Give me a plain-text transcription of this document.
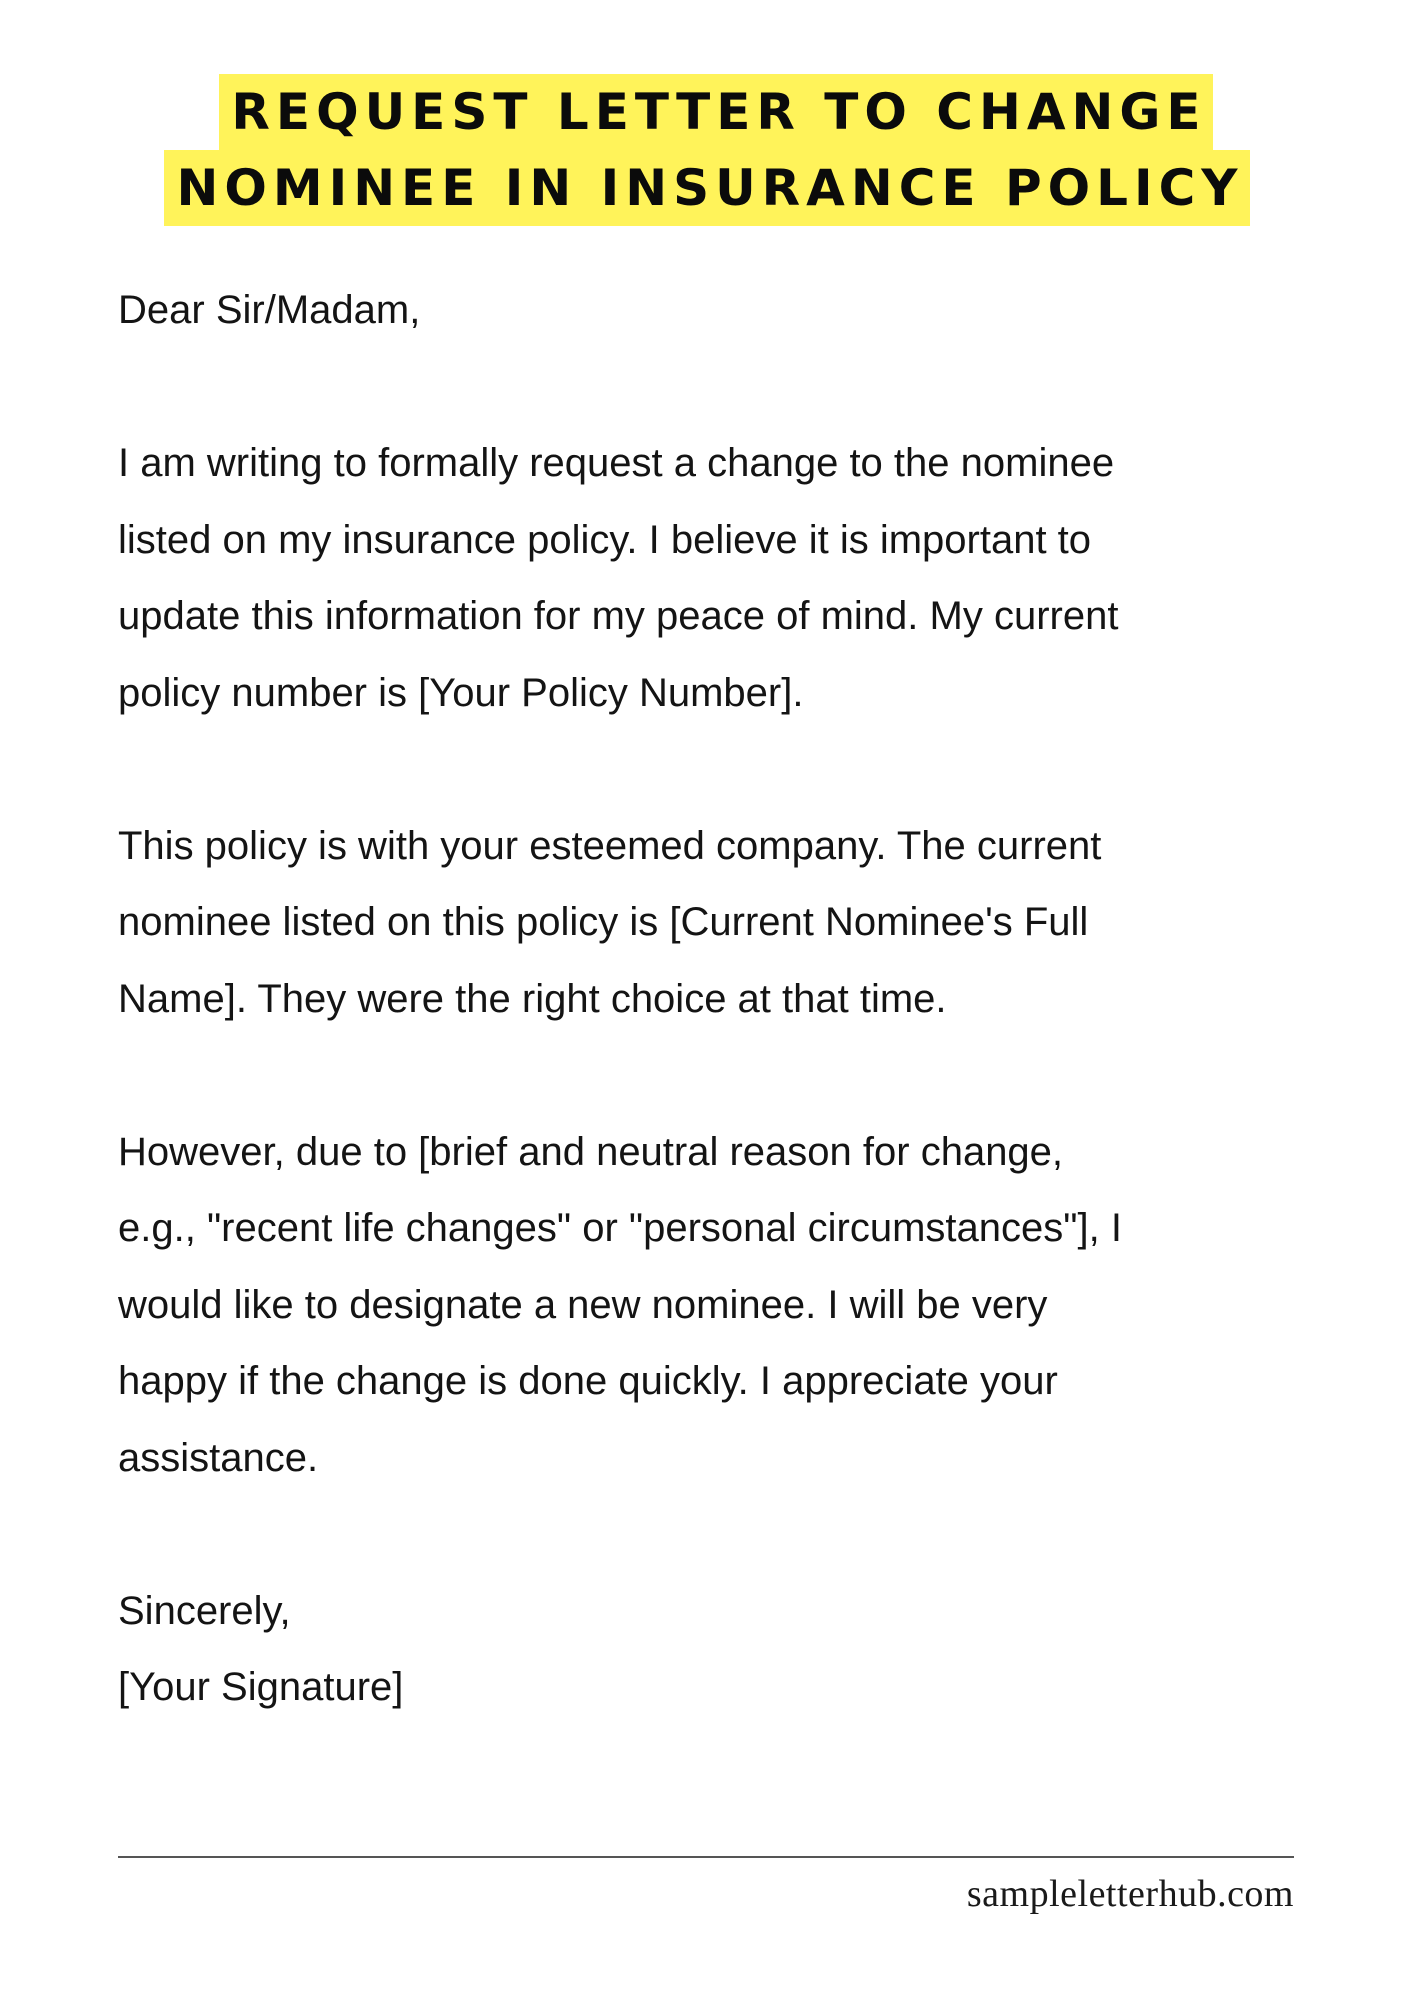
REQUEST LETTER TO CHANGE
NOMINEE IN INSURANCE POLICY

Dear Sir/Madam,

I am writing to formally request a change to the nominee

listed on my insurance policy. I believe it is important to

update this information for my peace of mind. My current

policy number is [Your Policy Number].

This policy is with your esteemed company. The current

nominee listed on this policy is [Current Nominee's Full

Name]. They were the right choice at that time.

However, due to [brief and neutral reason for change,

e.g., "recent life changes" or "personal circumstances"], I

would like to designate a new nominee. I will be very

happy if the change is done quickly. I appreciate your

assistance.

Sincerely,

[Your Signature]

sampleletterhub.com
